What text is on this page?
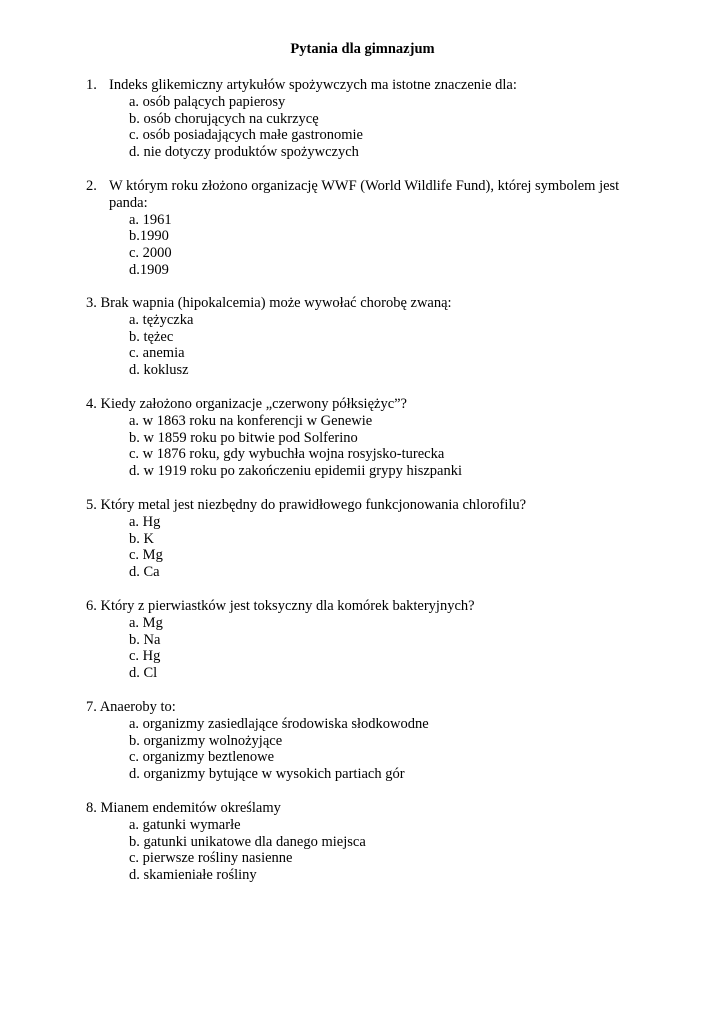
Pytania dla gimnazjum
1. Indeks glikemiczny artykułów spożywczych ma istotne znaczenie dla:
a. osób palących papierosy
b. osób chorujących na cukrzycę
c. osób posiadających małe gastronomie
d. nie dotyczy produktów spożywczych
2. W którym roku złożono organizację WWF (World Wildlife Fund), której symbolem jest
panda:
a. 1961
b.1990
c. 2000
d.1909
3. Brak wapnia (hipokalcemia) może wywołać chorobę zwaną:
a. tężyczka
b. tężec
c. anemia
d. koklusz
4. Kiedy założono organizacje „czerwony półksiężyc”?
a. w 1863 roku na konferencji w Genewie
b. w 1859 roku po bitwie pod Solferino
c. w 1876 roku, gdy wybuchła wojna rosyjsko-turecka
d. w 1919 roku po zakończeniu epidemii grypy hiszpanki
5. Który metal jest niezbędny do prawidłowego funkcjonowania chlorofilu?
a. Hg
b. K
c. Mg
d. Ca
6. Który z pierwiastków jest toksyczny dla komórek bakteryjnych?
a. Mg
b. Na
c. Hg
d. Cl
7. Anaeroby to:
a. organizmy zasiedlające środowiska słodkowodne
b. organizmy wolnożyjące
c. organizmy beztlenowe
d. organizmy bytujące w wysokich partiach gór
8. Mianem endemitów określamy
a. gatunki wymarłe
b. gatunki unikatowe dla danego miejsca
c. pierwsze rośliny nasienne
d. skamieniałe rośliny
